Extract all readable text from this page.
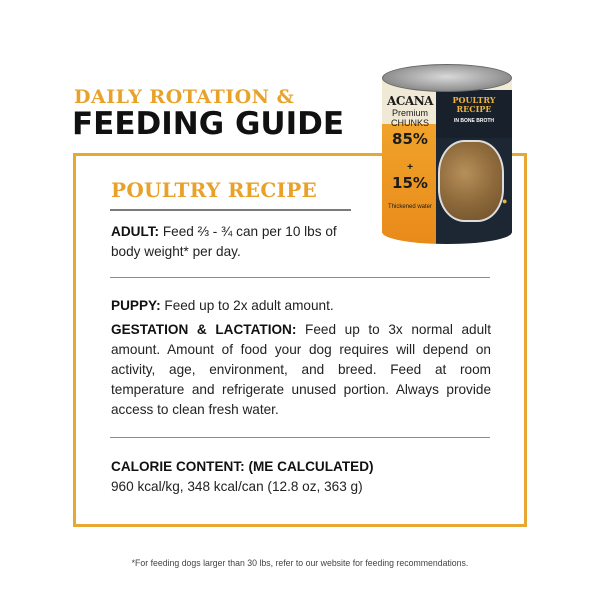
DAILY ROTATION &
FEEDING GUIDE
POULTRY RECIPE
IN BONE BROTH
ACANA
Premium CHUNKS
85%
+
15%
Thickened water
●
POULTRY RECIPE
ADULT: Feed ⅔ - ¾ can per 10 lbs of body weight* per day.
PUPPY: Feed up to 2x adult amount.
GESTATION & LACTATION: Feed up to 3x normal adult amount. Amount of food your dog requires will depend on activity, age, environment, and breed. Feed at room temperature and refrigerate unused portion. Always provide access to clean fresh water.
CALORIE CONTENT: (ME CALCULATED)
960 kcal/kg, 348 kcal/can (12.8 oz, 363 g)
*For feeding dogs larger than 30 lbs, refer to our website for feeding recommendations.
